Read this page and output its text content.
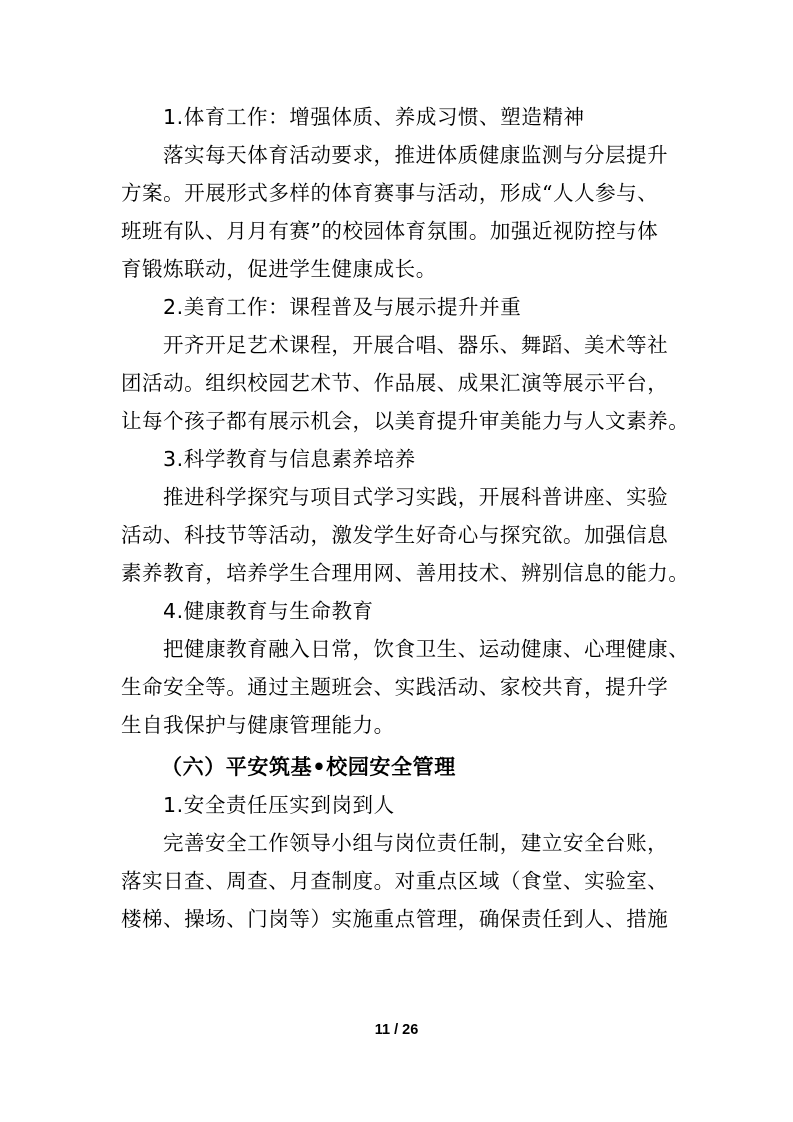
1.体育工作：增强体质、养成习惯、塑造精神
落实每天体育活动要求，推进体质健康监测与分层提升
方案。开展形式多样的体育赛事与活动，形成“人人参与、
班班有队、月月有赛”的校园体育氛围。加强近视防控与体
育锻炼联动，促进学生健康成长。
2.美育工作：课程普及与展示提升并重
开齐开足艺术课程，开展合唱、器乐、舞蹈、美术等社
团活动。组织校园艺术节、作品展、成果汇演等展示平台，
让每个孩子都有展示机会，以美育提升审美能力与人文素养。
3.科学教育与信息素养培养
推进科学探究与项目式学习实践，开展科普讲座、实验
活动、科技节等活动，激发学生好奇心与探究欲。加强信息
素养教育，培养学生合理用网、善用技术、辨别信息的能力。
4.健康教育与生命教育
把健康教育融入日常，饮食卫生、运动健康、心理健康、
生命安全等。通过主题班会、实践活动、家校共育，提升学
生自我保护与健康管理能力。
（六）平安筑基•校园安全管理
1.安全责任压实到岗到人
完善安全工作领导小组与岗位责任制，建立安全台账，
落实日查、周查、月查制度。对重点区域（食堂、实验室、
楼梯、操场、门岗等）实施重点管理，确保责任到人、措施
11 / 26
